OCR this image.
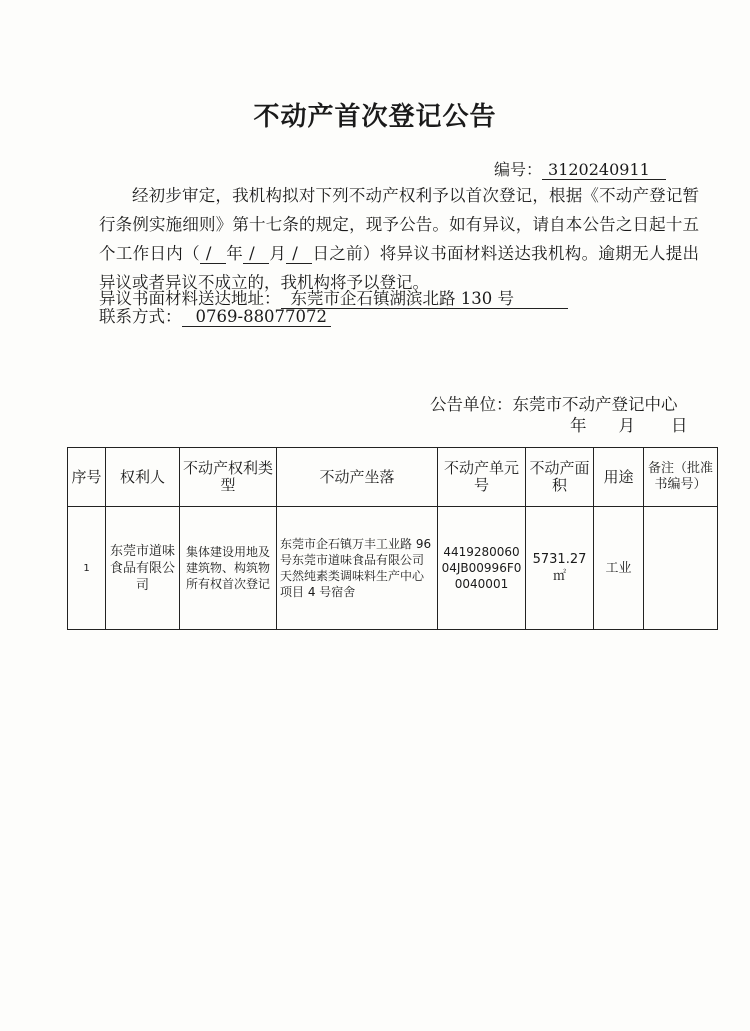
不动产首次登记公告
编号： 3120240911

经初步审定，我机构拟对下列不动产权利予以首次登记，根据《不动产登记暂行条例实施细则》第十七条的规定，现予公告。如有异议，请自本公告之日起十五个工作日内（ / 年 / 月 / 日之前）将异议书面材料送达我机构。逾期无人提出异议或者异议不成立的，我机构将予以登记。

异议书面材料送达地址： 东莞市企石镇湖滨北路 130 号
联系方式： 0769-88077072
公告单位：东莞市不动产登记中心
年 月 日
序号	权利人	不动产权利类型	不动产坐落	不动产单元号	不动产面积	用途	备注（批准书编号）
1	东莞市道味食品有限公司	集体建设用地及建筑物、构筑物所有权首次登记	东莞市企石镇万丰工业路 96 号东莞市道味食品有限公司天然纯素类调味料生产中心项目 4 号宿舍	441928006004JB00996F00040001	5731.27 ㎡	工业	
